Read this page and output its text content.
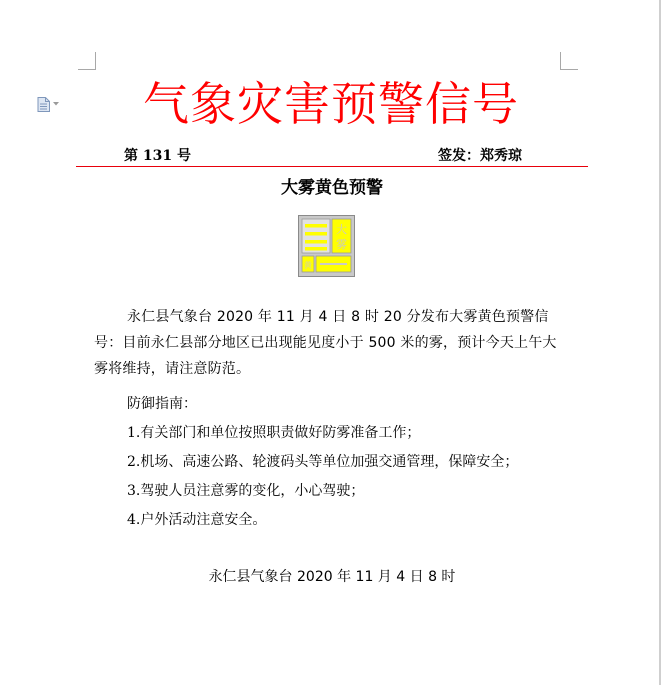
气象灾害预警信号
第 131 号	签发：郑秀琼
大雾黄色预警
大
雾
黄
永仁县气象台 2020 年 11 月 4 日 8 时 20 分发布大雾黄色预警信号：目前永仁县部分地区已出现能见度小于 500 米的雾，预计今天上午大雾将维持，请注意防范。
防御指南：
1.有关部门和单位按照职责做好防雾准备工作；
2.机场、高速公路、轮渡码头等单位加强交通管理，保障安全；
3.驾驶人员注意雾的变化，小心驾驶；
4.户外活动注意安全。
永仁县气象台 2020 年 11 月 4 日 8 时
